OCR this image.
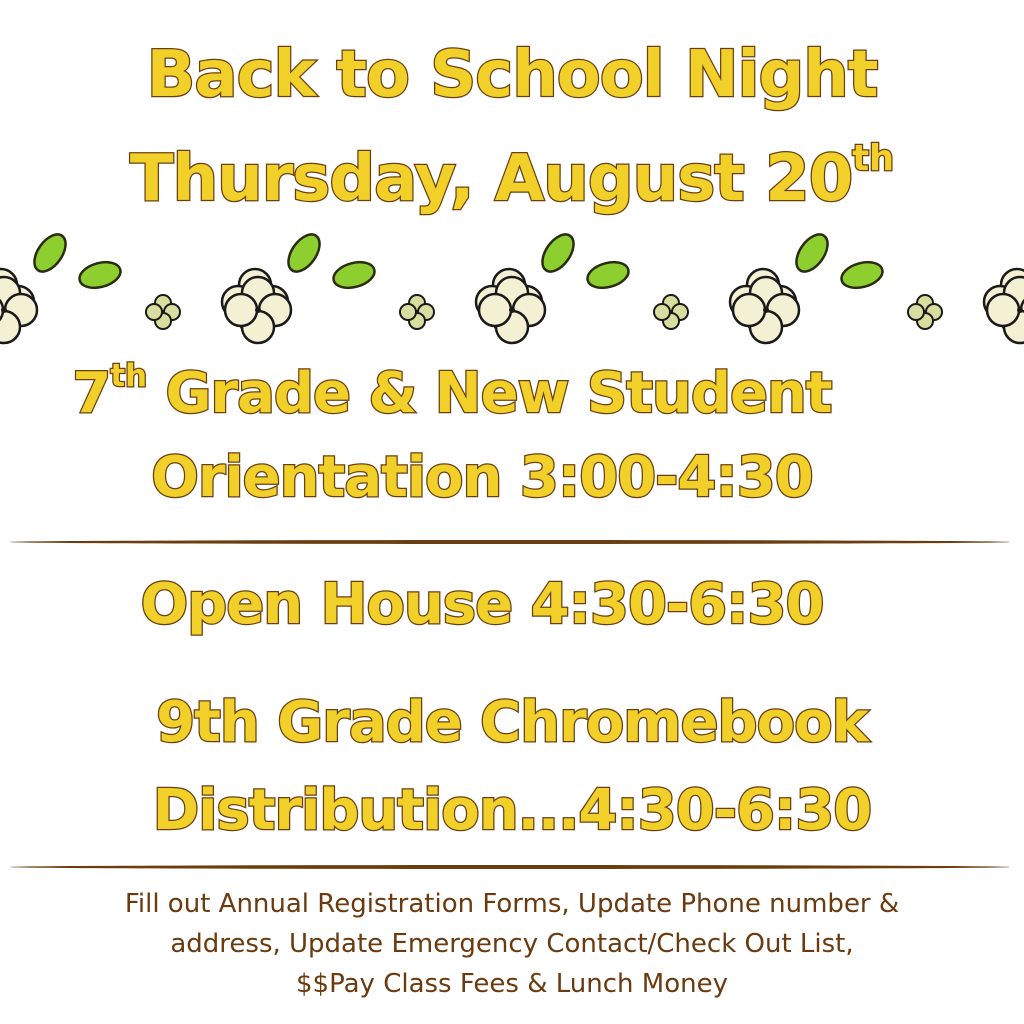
Back to School Night
Thursday, August 20th
7th Grade & New Student
Orientation 3:00-4:30
Open House 4:30-6:30
9th Grade Chromebook
Distribution...4:30-6:30
Fill out Annual Registration Forms, Update Phone number &
address, Update Emergency Contact/Check Out List,
$$Pay Class Fees & Lunch Money
